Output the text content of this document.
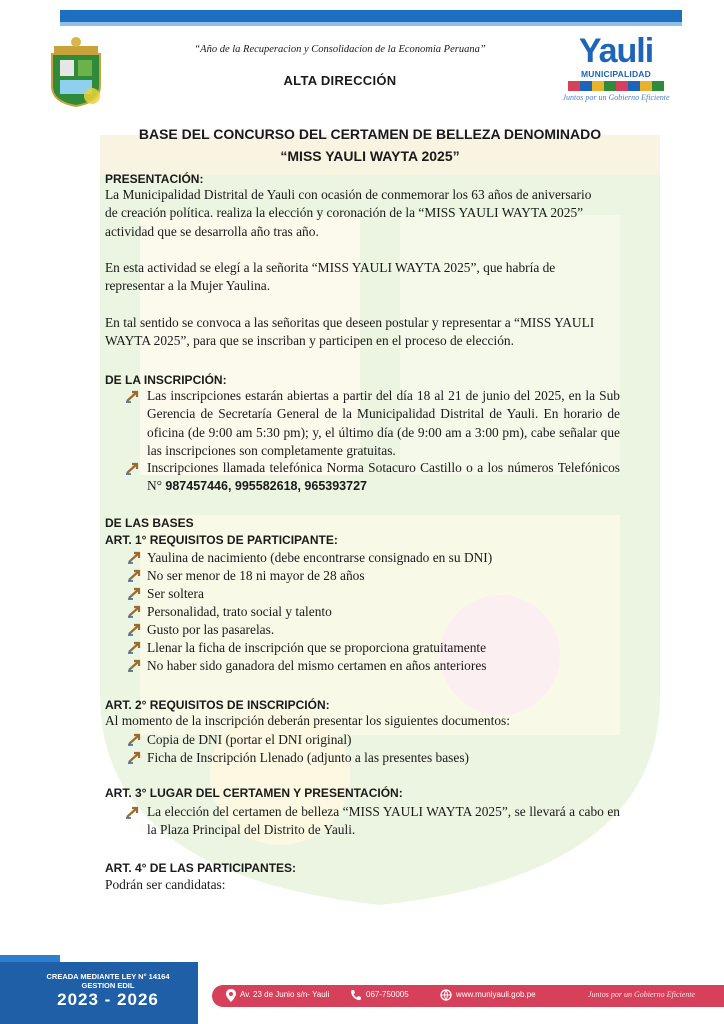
“Año de la Recuperacion y Consolidacion de la Economia Peruana”
ALTA DIRECCIÓN
Yauli
MUNICIPALIDAD
Juntos por un Gobierno Eficiente
BASE DEL CONCURSO DEL CERTAMEN DE BELLEZA DENOMINADO
“MISS YAULI WAYTA 2025”
PRESENTACIÓN:
La Municipalidad Distrital de Yauli con ocasión de conmemorar los 63 años de aniversario
de creación política. realiza la elección y coronación de la “MISS YAULI WAYTA 2025”
actividad que se desarrolla año tras año.
En esta actividad se elegí a la señorita “MISS YAULI WAYTA 2025”, que habría de
representar a la Mujer Yaulina.
En tal sentido se convoca a las señoritas que deseen postular y representar a “MISS YAULI
WAYTA 2025”, para que se inscriban y participen en el proceso de elección.
DE LA INSCRIPCIÓN:
Las inscripciones estarán abiertas a partir del día 18 al 21 de junio del 2025, en la Sub Gerencia de Secretaría General de la Municipalidad Distrital de Yauli. En horario de oficina (de 9:00 am 5:30 pm); y, el último día (de 9:00 am a 3:00 pm), cabe señalar que las inscripciones son completamente gratuitas.
Inscripciones llamada telefónica Norma Sotacuro Castillo o a los números Telefónicos N° 987457446, 995582618, 965393727
DE LAS BASES
ART. 1° REQUISITOS DE PARTICIPANTE:
Yaulina de nacimiento (debe encontrarse consignado en su DNI)
No ser menor de 18 ni mayor de 28 años
Ser soltera
Personalidad, trato social y talento
Gusto por las pasarelas.
Llenar la ficha de inscripción que se proporciona gratuitamente
No haber sido ganadora del mismo certamen en años anteriores
ART. 2° REQUISITOS DE INSCRIPCIÓN:
Al momento de la inscripción deberán presentar los siguientes documentos:
Copia de DNI (portar el DNI original)
Ficha de Inscripción Llenado (adjunto a las presentes bases)
ART. 3° LUGAR DEL CERTAMEN Y PRESENTACIÓN:
La elección del certamen de belleza “MISS YAULI WAYTA 2025”, se llevará a cabo en la Plaza Principal del Distrito de Yauli.
ART. 4° DE LAS PARTICIPANTES:
Podrán ser candidatas:
CREADA MEDIANTE LEY N° 14164
GESTION EDIL
2023 - 2026	Av. 23 de Junio s/n- Yauli	067-750005	www.muniyauli.gob.pe	Juntos por un Gobierno Eficiente
